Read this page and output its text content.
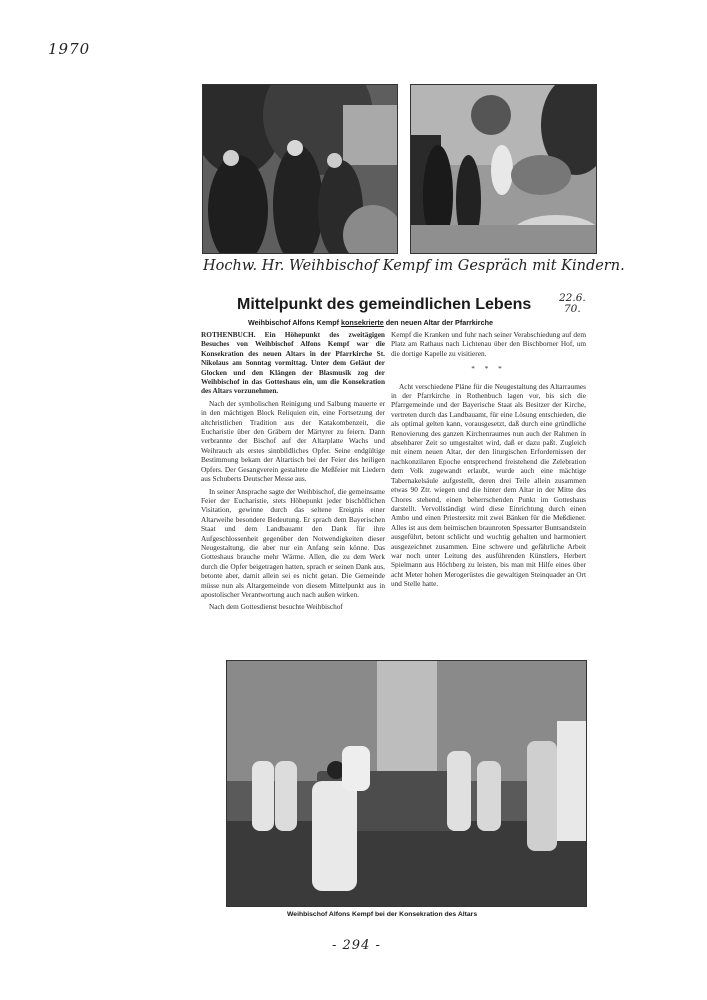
1970
Hochw. Hr. Weihbischof Kempf im Gespräch mit Kindern.
Mittelpunkt des gemeindlichen Lebens	22.6.
70.
Weihbischof Alfons Kempf konsekrierte den neuen Altar der Pfarrkirche

ROTHENBUCH. Ein Höhepunkt des zweitägigen Besuches von Weihbischof Alfons Kempf war die Konsekration des neuen Altars in der Pfarrkirche St. Nikolaus am Sonntag vormittag. Unter dem Geläut der Glocken und den Klängen der Blasmusik zog der Weihbischof in das Gotteshaus ein, um die Konsekration des Altars vorzunehmen.

Nach der symbolischen Reinigung und Salbung mauerte er in den mächtigen Block Reliquien ein, eine Fortsetzung der altchristlichen Tradition aus der Katakombenzeit, die Eucharistie über den Gräbern der Märtyrer zu feiern. Dann verbrannte der Bischof auf der Altarplatte Wachs und Weihrauch als erstes sinnbildliches Opfer. Seine endgültige Bestimmung bekam der Altartisch bei der Feier des heiligen Opfers. Der Gesangverein gestaltete die Meßfeier mit Liedern aus Schuberts Deutscher Messe aus.

In seiner Ansprache sagte der Weihbischof, die gemeinsame Feier der Eucharistie, stets Höhepunkt jeder bischöflichen Visitation, gewinne durch das seltene Ereignis einer Altarweihe besondere Bedeutung. Er sprach dem Bayerischen Staat und dem Landbauamt den Dank für ihre Aufgeschlossenheit gegenüber den Notwendigkeiten dieser Neugestaltung, die aber nur ein Anfang sein könne. Das Gotteshaus brauche mehr Wärme. Allen, die zu dem Werk durch die Opfer beigetragen hatten, sprach er seinen Dank aus, betonte aber, damit allein sei es nicht getan. Die Gemeinde müsse nun als Altargemeinde von diesem Mittelpunkt aus in apostolischer Verantwortung auch nach außen wirken.

Nach dem Gottesdienst besuchte Weihbischof

Kempf die Kranken und fuhr nach seiner Verabschiedung auf dem Platz am Rathaus nach Lichtenau über den Bischborner Hof, um die dortige Kapelle zu visitieren.

* * *

Acht verschiedene Pläne für die Neugestaltung des Altarraumes in der Pfarrkirche in Rothenbuch lagen vor, bis sich die Pfarrgemeinde und der Bayerische Staat als Besitzer der Kirche, vertreten durch das Landbauamt, für eine Lösung entschieden, die als optimal gelten kann, vorausgesetzt, daß durch eine gründliche Renovierung des ganzen Kirchenraumes nun auch der Rahmen in absehbarer Zeit so umgestaltet wird, daß er dazu paßt. Zugleich mit einem neuen Altar, der den liturgischen Erfordernissen der nachkonzilaren Epoche entsprechend freistehend die Zelebration dem Volk zugewandt erlaubt, wurde auch eine mächtige Tabernakelsäule aufgestellt, deren drei Teile allein zusammen etwas 90 Ztr. wiegen und die hinter dem Altar in der Mitte des Chores stehend, einen beherrschenden Punkt im Gotteshaus darstellt. Vervollständigt wird diese Einrichtung durch einen Ambo und einen Priestersitz mit zwei Bänken für die Meßdiener. Alles ist aus dem heimischen braunroten Spessarter Buntsandstein ausgeführt, betont schlicht und wuchtig gehalten und harmoniert ausgezeichnet zusammen. Eine schwere und gefährliche Arbeit war noch unter Leitung des ausführenden Künstlers, Herbert Spielmann aus Höchberg zu leisten, bis man mit Hilfe eines über acht Meter hohen Merogerüstes die gewaltigen Steinquader an Ort und Stelle hatte.

Weihbischof Alfons Kempf bei der Konsekration des Altars
- 294 -
